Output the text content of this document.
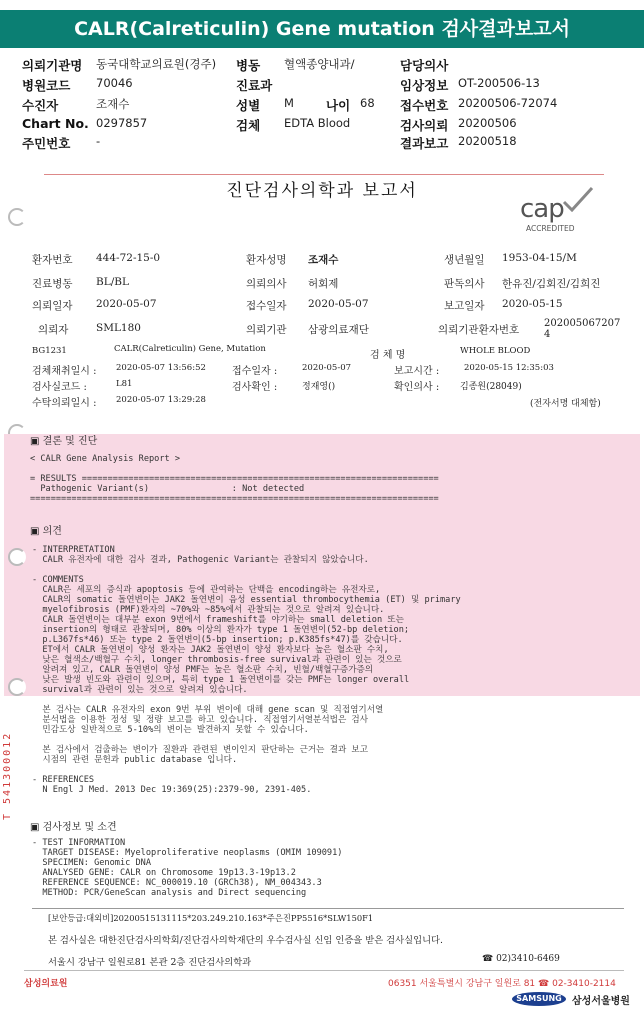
CALR(Calreticulin) Gene mutation 검사결과보고서
의뢰기관명 동국대학교의료원(경주)
병원코드 70046
수진자	조재수
Chart No. 0297857
주민번호 -
병동 혈액종양내과/
진료과
성별 M	나이 68
검체 EDTA Blood
담당의사
임상정보 OT-200506-13
접수번호 20200506-72074
검사의뢰 20200506
결과보고 20200518
진단검사의학과 보고서
cap
ACCREDITED
환자번호 444-72-15-0	환자성명 조재수	생년월일 1953-04-15/M
진료병동 BL/BL	의뢰의사 허회제	판독의사 한유진/김회진/김희진
의뢰일자 2020-05-07	접수일자 2020-05-07	보고일자 2020-05-15
의뢰자	SML180	의뢰기관 삼광의료재단	의뢰기관환자번호
202005067207 4
BG1231	CALR(Calreticulin) Gene, Mutation
검 체 명	WHOLE BLOOD
검체채취일시 : 2020-05-07 13:56:52	접수일자 :	2020-05-07	보고시간 :	2020-05-15 12:35:03
검사실코드 :	L81	검사확인 :	정재영()	확인의사 : 김종원(28049)
수탁의뢰일시 : 2020-05-07 13:29:28	(전자서명 대체함)
▣ 결론 및 진단
< CALR Gene Analysis Report >

= RESULTS =====================================================================
Pathogenic Variant(s)                : Not detected
===============================================================================
▣ 의견
- INTERPRETATION
CALR 유전자에 대한 검사 결과, Pathogenic Variant는 관찰되지 않았습니다.

- COMMENTS
CALR은 세포의 증식과 apoptosis 등에 관여하는 단백을 encoding하는 유전자로,
CALR의 somatic 돌연변이는 JAK2 돌연변이 음성 essential thrombocythemia (ET) 및 primary
myelofibrosis (PMF)환자의 ~70%와 ~85%에서 관찰되는 것으로 알려져 있습니다.
CALR 돌연변이는 대부분 exon 9번에서 frameshift를 야기하는 small deletion 또는
insertion의 형태로 관찰되며, 80% 이상의 환자가 type 1 돌연변이(52-bp deletion;
p.L367fs*46) 또는 type 2 돌연변이(5-bp insertion; p.K385fs*47)를 갖습니다.
ET에서 CALR 돌연변이 양성 환자는 JAK2 돌연변이 양성 환자보다 높은 혈소판 수치,
낮은 혈색소/백혈구 수치, longer thrombosis-free survival과 관련이 있는 것으로
알려져 있고, CALR 돌연변이 양성 PMF는 높은 혈소판 수치, 빈혈/백혈구증가증의
낮은 발생 빈도와 관련이 있으며, 특히 type 1 돌연변이를 갖는 PMF는 longer overall
survival과 관련이 있는 것으로 알려져 있습니다.

본 검사는 CALR 유전자의 exon 9번 부위 변이에 대해 gene scan 및 직접염기서열
분석법을 이용한 정성 및 정량 보고를 하고 있습니다. 직접염기서열분석법은 검사
민감도상 일반적으로 5-10%의 변이는 발견하지 못할 수 있습니다.

본 검사에서 검출하는 변이가 질환과 관련된 변이인지 판단하는 근거는 결과 보고
시점의 관련 문헌과 public database 입니다.

- REFERENCES
N Engl J Med. 2013 Dec 19:369(25):2379-90, 2391-405.
▣ 검사정보 및 소견
- TEST INFORMATION
TARGET DISEASE: Myeloproliferative neoplasms (OMIM 109091)
SPECIMEN: Genomic DNA
ANALYSED GENE: CALR on Chromosome 19p13.3-19p13.2
REFERENCE SEQUENCE: NC_000019.10 (GRCh38), NM_004343.3
METHOD: PCR/GeneScan analysis and Direct sequencing
T 541300012
[보안등급:대외비]20200515131115*203.249.210.163*주은진PP5516*SLW150F1
본 검사실은 대한진단검사의학회/진단검사의학재단의 우수검사실 신임 인증을 받은 검사실입니다.
서울시 강남구 일원로81 본관 2층 진단검사의학과	☎ 02)3410-6469
삼성의료원	06351 서울특별시 강남구 일원로 81 ☎ 02-3410-2114
SAMSUNG	삼성서울병원
